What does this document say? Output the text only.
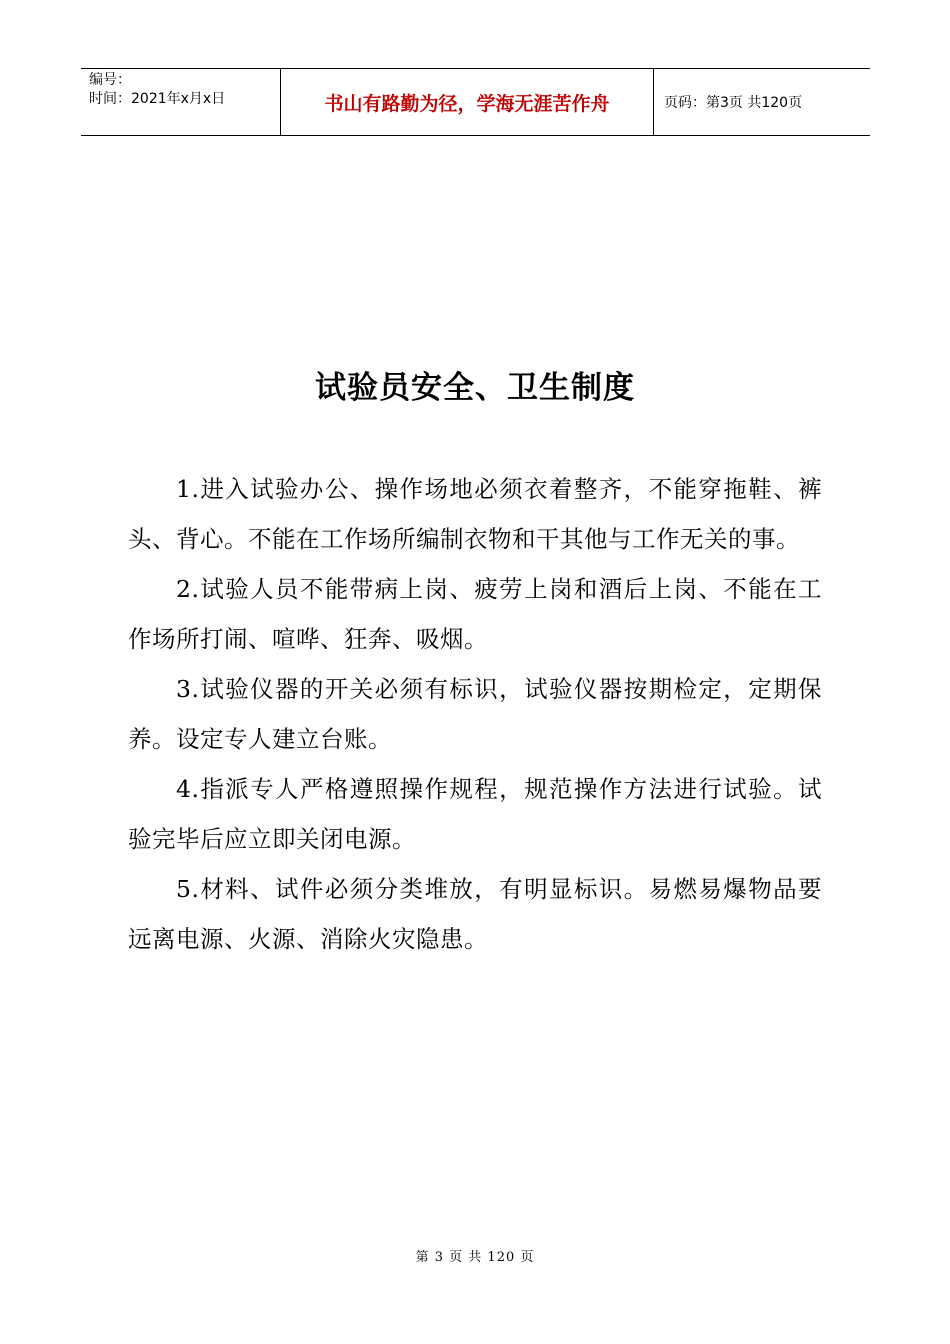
编号：
时间：2021年x月x日	书山有路勤为径，学海无涯苦作舟	页码：第3页 共120页
试验员安全、卫生制度

1.进入试验办公、操作场地必须衣着整齐，不能穿拖鞋、裤头、背心。不能在工作场所编制衣物和干其他与工作无关的事。

2.试验人员不能带病上岗、疲劳上岗和酒后上岗、不能在工作场所打闹、喧哗、狂奔、吸烟。

3.试验仪器的开关必须有标识，试验仪器按期检定，定期保养。设定专人建立台账。

4.指派专人严格遵照操作规程，规范操作方法进行试验。试验完毕后应立即关闭电源。

5.材料、试件必须分类堆放，有明显标识。易燃易爆物品要远离电源、火源、消除火灾隐患。

第 3 页 共 120 页
